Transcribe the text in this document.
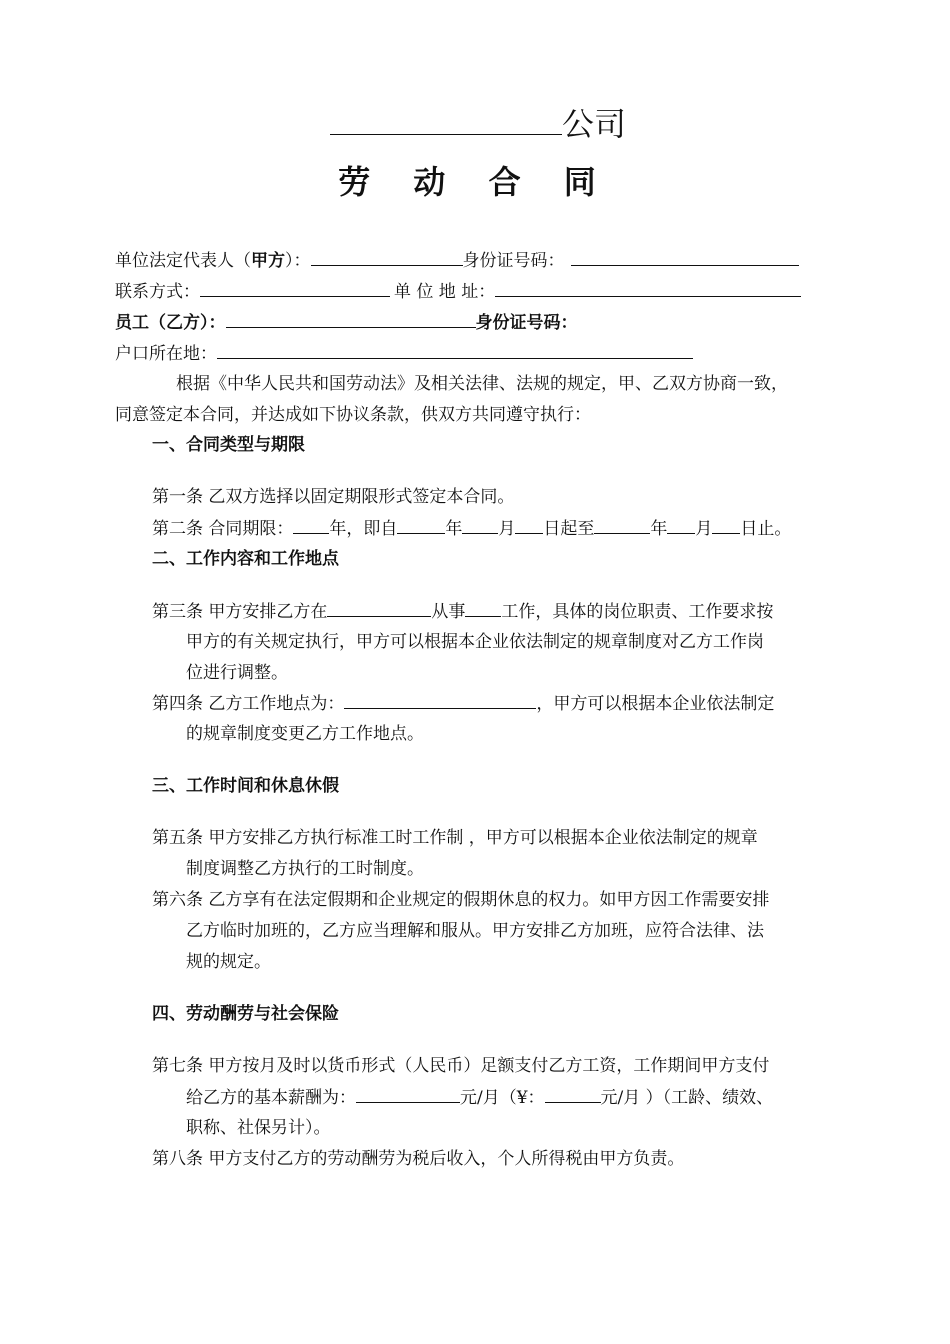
公司
劳 动 合 同
单位法定代表人（甲方）：	身份证号码：
联系方式：	单 位 地 址：
员工（乙方）：	身份证号码：
户口所在地：
根据《中华人民共和国劳动法》及相关法律、法规的规定，甲、乙双方协商一致，
同意签定本合同，并达成如下协议条款，供双方共同遵守执行：
一、合同类型与期限
第一条 乙双方选择以固定期限形式签定本合同。
第二条 合同期限： 年，即自	年 月 日起至	年 月 日止。
二、工作内容和工作地点
第三条 甲方安排乙方在	从事 工作，具体的岗位职责、工作要求按
甲方的有关规定执行，甲方可以根据本企业依法制定的规章制度对乙方工作岗
位进行调整。
第四条 乙方工作地点为：	，甲方可以根据本企业依法制定
的规章制度变更乙方工作地点。
三、工作时间和休息休假
第五条 甲方安排乙方执行标准工时工作制 ，甲方可以根据本企业依法制定的规章
制度调整乙方执行的工时制度。
第六条 乙方享有在法定假期和企业规定的假期休息的权力。如甲方因工作需要安排
乙方临时加班的，乙方应当理解和服从。甲方安排乙方加班，应符合法律、法
规的规定。
四、劳动酬劳与社会保险
第七条 甲方按月及时以货币形式（人民币）足额支付乙方工资，工作期间甲方支付
给乙方的基本薪酬为：	元/月（¥：	元/月 ）（工龄、绩效、
职称、社保另计）。
第八条 甲方支付乙方的劳动酬劳为税后收入，个人所得税由甲方负责。
